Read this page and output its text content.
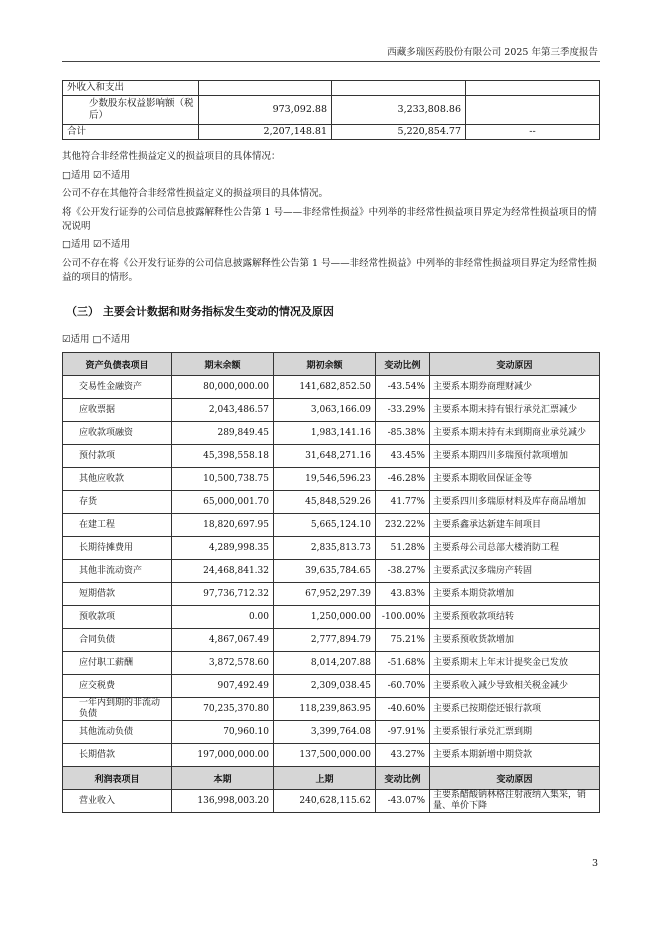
西藏多瑞医药股份有限公司 2025 年第三季度报告
外收入和支出			
少数股东权益影响额（税后）	973,092.88	3,233,808.86	
合计	2,207,148.81	5,220,854.77	--
其他符合非经常性损益定义的损益项目的具体情况：
□适用 ☑不适用
公司不存在其他符合非经常性损益定义的损益项目的具体情况。
将《公开发行证券的公司信息披露解释性公告第 1 号——非经常性损益》中列举的非经常性损益项目界定为经常性损益项目的情况说明
□适用 ☑不适用
公司不存在将《公开发行证券的公司信息披露解释性公告第 1 号——非经常性损益》中列举的非经常性损益项目界定为经常性损益的项目的情形。
（三） 主要会计数据和财务指标发生变动的情况及原因
☑适用 □不适用
资产负债表项目	期末余额	期初余额	变动比例	变动原因
交易性金融资产	80,000,000.00	141,682,852.50	-43.54%	主要系本期券商理财减少
应收票据	2,043,486.57	3,063,166.09	-33.29%	主要系本期末持有银行承兑汇票减少
应收款项融资	289,849.45	1,983,141.16	-85.38%	主要系本期末持有未到期商业承兑减少
预付款项	45,398,558.18	31,648,271.16	43.45%	主要系本期四川多瑞预付款项增加
其他应收款	10,500,738.75	19,546,596.23	-46.28%	主要系本期收回保证金等
存货	65,000,001.70	45,848,529.26	41.77%	主要系四川多瑞原材料及库存商品增加
在建工程	18,820,697.95	5,665,124.10	232.22%	主要系鑫承达新建车间项目
长期待摊费用	4,289,998.35	2,835,813.73	51.28%	主要系母公司总部大楼消防工程
其他非流动资产	24,468,841.32	39,635,784.65	-38.27%	主要系武汉多瑞房产转固
短期借款	97,736,712.32	67,952,297.39	43.83%	主要系本期贷款增加
预收款项	0.00	1,250,000.00	-100.00%	主要系预收款项结转
合同负债	4,867,067.49	2,777,894.79	75.21%	主要系预收货款增加
应付职工薪酬	3,872,578.60	8,014,207.88	-51.68%	主要系期末上年末计提奖金已发放
应交税费	907,492.49	2,309,038.45	-60.70%	主要系收入减少导致相关税金减少
一年内到期的非流动负债	70,235,370.80	118,239,863.95	-40.60%	主要系已按期偿还银行款项
其他流动负债	70,960.10	3,399,764.08	-97.91%	主要系银行承兑汇票到期
长期借款	197,000,000.00	137,500,000.00	43.27%	主要系本期新增中期贷款
利润表项目	本期	上期	变动比例	变动原因
营业收入	136,998,003.20	240,628,115.62	-43.07%	主要系醋酸钠林格注射液纳入集采，销量、单价下降
3
